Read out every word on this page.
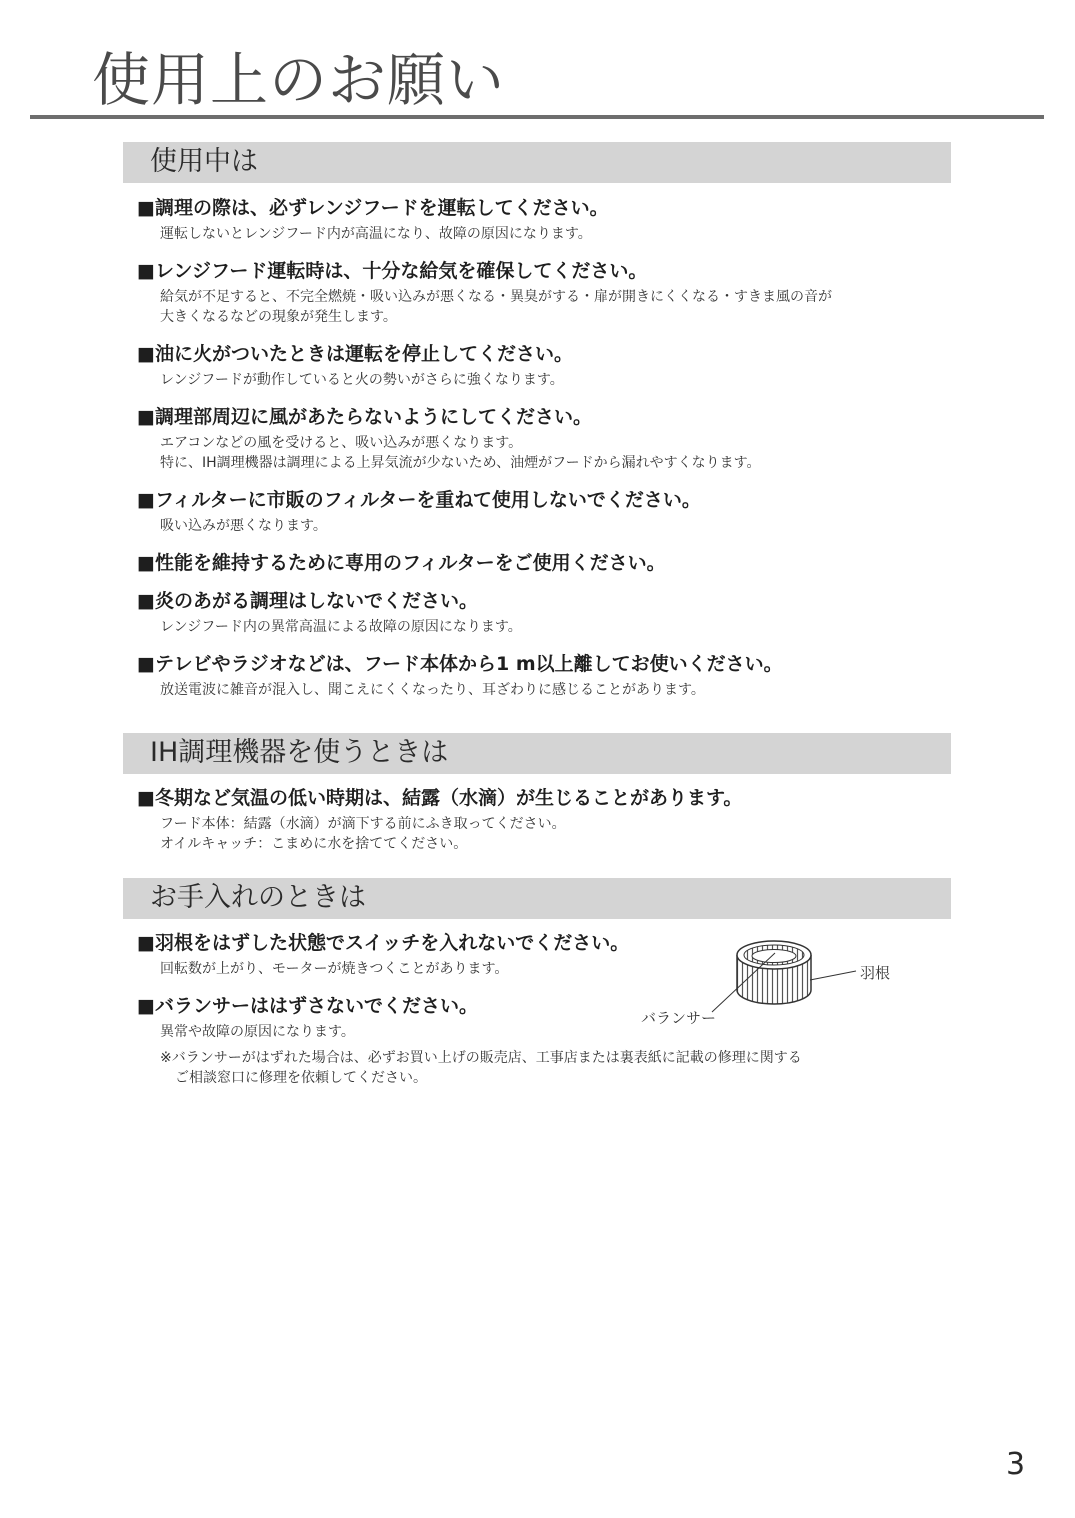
使用上のお願い
使用中は
■調理の際は、必ずレンジフードを運転してください。
運転しないとレンジフード内が高温になり、故障の原因になります。
■レンジフード運転時は、十分な給気を確保してください。
給気が不足すると、不完全燃焼・吸い込みが悪くなる・異臭がする・扉が開きにくくなる・すきま風の音が
大きくなるなどの現象が発生します。
■油に火がついたときは運転を停止してください。
レンジフードが動作していると火の勢いがさらに強くなります。
■調理部周辺に風があたらないようにしてください。
エアコンなどの風を受けると、吸い込みが悪くなります。
特に、IH調理機器は調理による上昇気流が少ないため、油煙がフードから漏れやすくなります。
■フィルターに市販のフィルターを重ねて使用しないでください。
吸い込みが悪くなります。
■性能を維持するために専用のフィルターをご使用ください。
■炎のあがる調理はしないでください。
レンジフード内の異常高温による故障の原因になります。
■テレビやラジオなどは、フード本体から1 m以上離してお使いください。
放送電波に雑音が混入し、聞こえにくくなったり、耳ざわりに感じることがあります。
IH調理機器を使うときは
■冬期など気温の低い時期は、結露（水滴）が生じることがあります。
フード本体：結露（水滴）が滴下する前にふき取ってください。
オイルキャッチ：こまめに水を捨ててください。
お手入れのときは
■羽根をはずした状態でスイッチを入れないでください。
回転数が上がり、モーターが焼きつくことがあります。
■バランサーははずさないでください。
異常や故障の原因になります。
※バランサーがはずれた場合は、必ずお買い上げの販売店、工事店または裏表紙に記載の修理に関する
ご相談窓口に修理を依頼してください。
羽根
バランサー
3
